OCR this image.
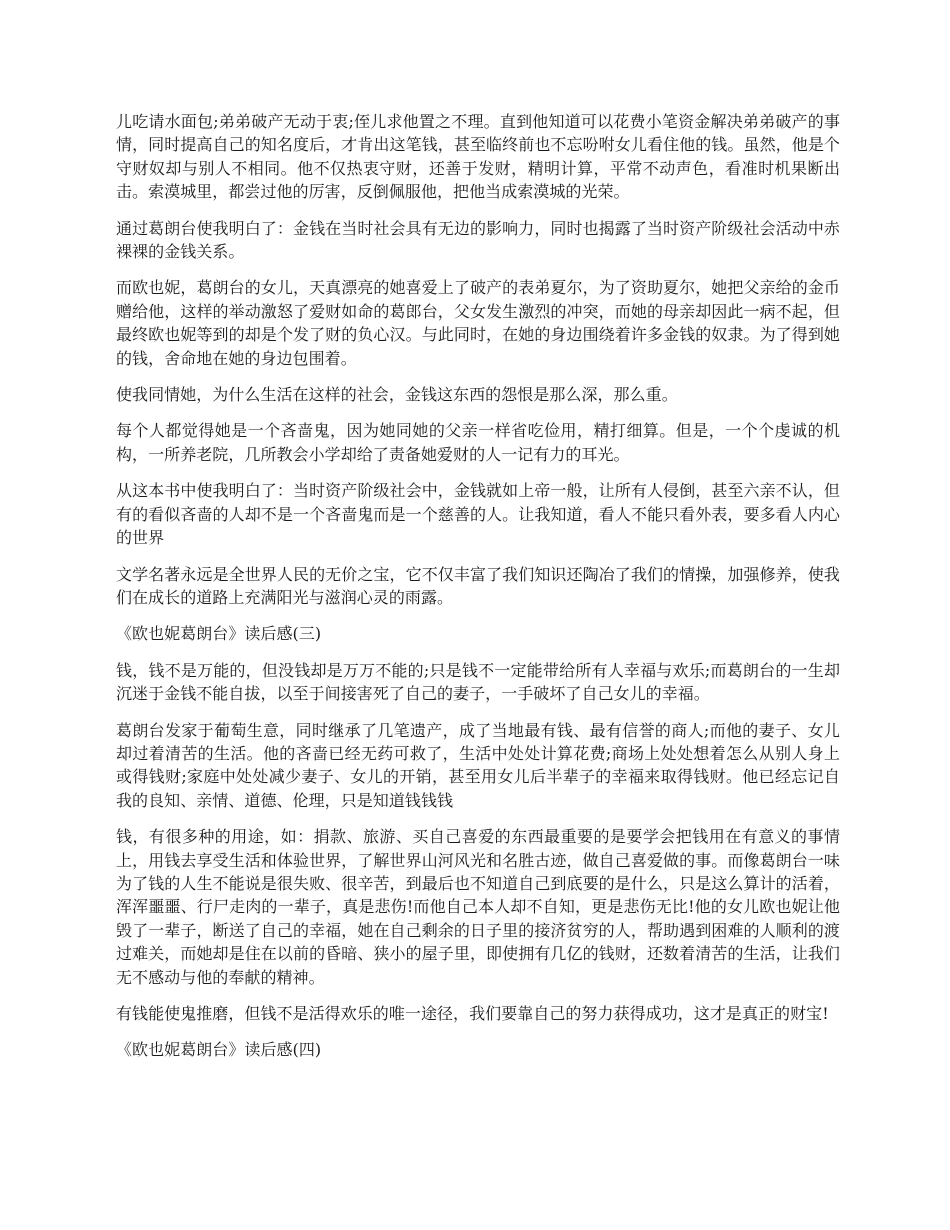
儿吃请水面包;弟弟破产无动于衷;侄儿求他置之不理。直到他知道可以花费小笔资金解决弟弟破产的事情，同时提高自己的知名度后，才肯出这笔钱，甚至临终前也不忘吩咐女儿看住他的钱。虽然，他是个守财奴却与别人不相同。他不仅热衷守财，还善于发财，精明计算，平常不动声色，看准时机果断出击。索漠城里，都尝过他的厉害，反倒佩服他，把他当成索漠城的光荣。

通过葛朗台使我明白了：金钱在当时社会具有无边的影响力，同时也揭露了当时资产阶级社会活动中赤裸裸的金钱关系。

而欧也妮，葛朗台的女儿，天真漂亮的她喜爱上了破产的表弟夏尔，为了资助夏尔，她把父亲给的金币赠给他，这样的举动激怒了爱财如命的葛郎台，父女发生激烈的冲突，而她的母亲却因此一病不起，但最终欧也妮等到的却是个发了财的负心汉。与此同时，在她的身边围绕着许多金钱的奴隶。为了得到她的钱，舍命地在她的身边包围着。

使我同情她，为什么生活在这样的社会，金钱这东西的怨恨是那么深，那么重。

每个人都觉得她是一个吝啬鬼，因为她同她的父亲一样省吃俭用，精打细算。但是，一个个虔诚的机构，一所养老院，几所教会小学却给了责备她爱财的人一记有力的耳光。

从这本书中使我明白了：当时资产阶级社会中，金钱就如上帝一般，让所有人侵倒，甚至六亲不认，但有的看似吝啬的人却不是一个吝啬鬼而是一个慈善的人。让我知道，看人不能只看外表，要多看人内心的世界

文学名著永远是全世界人民的无价之宝，它不仅丰富了我们知识还陶冶了我们的情操，加强修养，使我们在成长的道路上充满阳光与滋润心灵的雨露。

《欧也妮葛朗台》读后感(三)

钱，钱不是万能的，但没钱却是万万不能的;只是钱不一定能带给所有人幸福与欢乐;而葛朗台的一生却沉迷于金钱不能自拔，以至于间接害死了自己的妻子，一手破坏了自己女儿的幸福。

葛朗台发家于葡萄生意，同时继承了几笔遗产，成了当地最有钱、最有信誉的商人;而他的妻子、女儿却过着清苦的生活。他的吝啬已经无药可救了，生活中处处计算花费;商场上处处想着怎么从别人身上或得钱财;家庭中处处减少妻子、女儿的开销，甚至用女儿后半辈子的幸福来取得钱财。他已经忘记自我的良知、亲情、道德、伦理，只是知道钱钱钱

钱，有很多种的用途，如：捐款、旅游、买自己喜爱的东西最重要的是要学会把钱用在有意义的事情上，用钱去享受生活和体验世界，了解世界山河风光和名胜古迹，做自己喜爱做的事。而像葛朗台一味为了钱的人生不能说是很失败、很辛苦，到最后也不知道自己到底要的是什么，只是这么算计的活着，浑浑噩噩、行尸走肉的一辈子，真是悲伤!而他自己本人却不自知，更是悲伤无比!他的女儿欧也妮让他毁了一辈子，断送了自己的幸福，她在自己剩余的日子里的接济贫穷的人，帮助遇到困难的人顺利的渡过难关，而她却是住在以前的昏暗、狭小的屋子里，即使拥有几亿的钱财，还数着清苦的生活，让我们无不感动与他的奉献的精神。

有钱能使鬼推磨，但钱不是活得欢乐的唯一途径，我们要靠自己的努力获得成功，这才是真正的财宝!

《欧也妮葛朗台》读后感(四)
